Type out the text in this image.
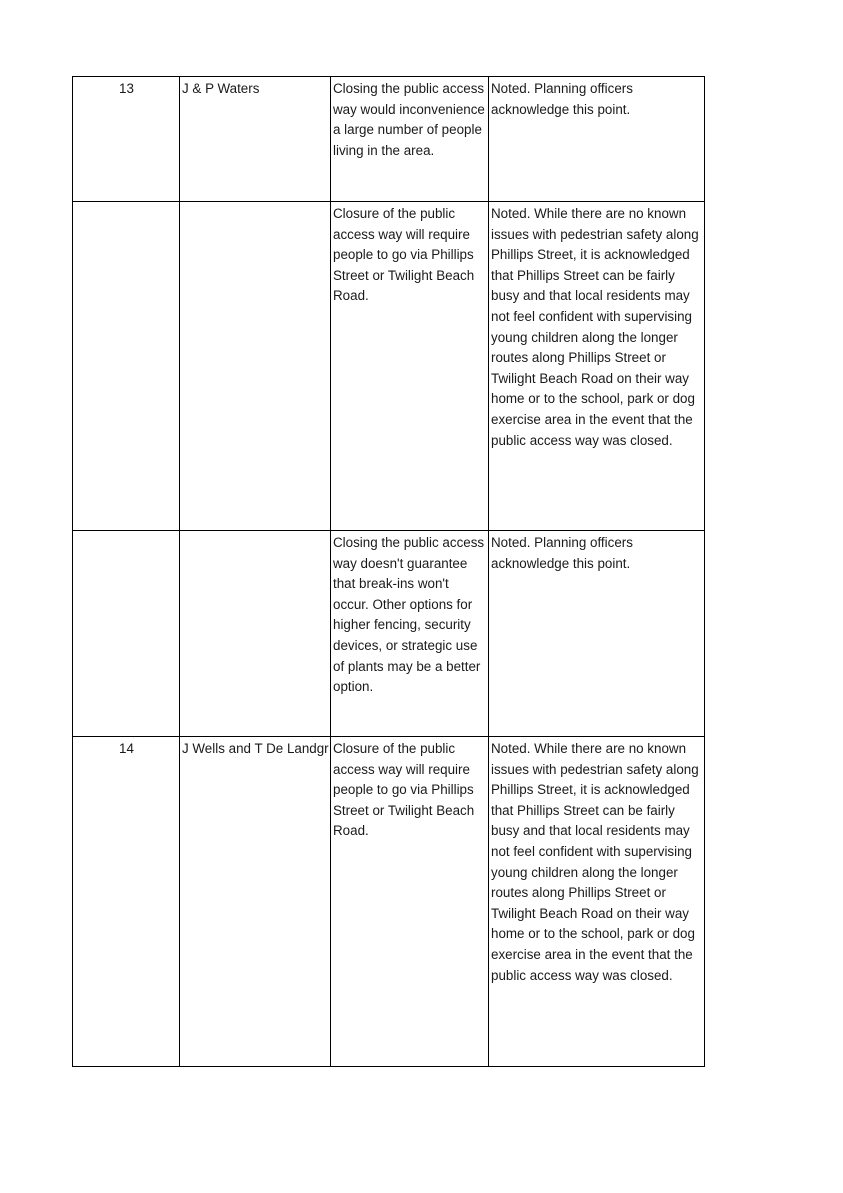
13	J & P Waters	Closing the public access way would inconvenience a large number of people living in the area.	Noted. Planning officers acknowledge this point.

		Closure of the public access way will require people to go via Phillips Street or Twilight Beach Road.	Noted. While there are no known issues with pedestrian safety along Phillips Street, it is acknowledged that Phillips Street can be fairly busy and that local residents may not feel confident with supervising young children along the longer routes along Phillips Street or Twilight Beach Road on their way home or to the school, park or dog exercise area in the event that the public access way was closed.

		Closing the public access way doesn't guarantee that break-ins won't occur. Other options for higher fencing, security devices, or strategic use of plants may be a better option.	Noted. Planning officers acknowledge this point.

14	J Wells and T De Landgr	Closure of the public access way will require people to go via Phillips Street or Twilight Beach Road.	Noted. While there are no known issues with pedestrian safety along Phillips Street, it is acknowledged that Phillips Street can be fairly busy and that local residents may not feel confident with supervising young children along the longer routes along Phillips Street or Twilight Beach Road on their way home or to the school, park or dog exercise area in the event that the public access way was closed.
